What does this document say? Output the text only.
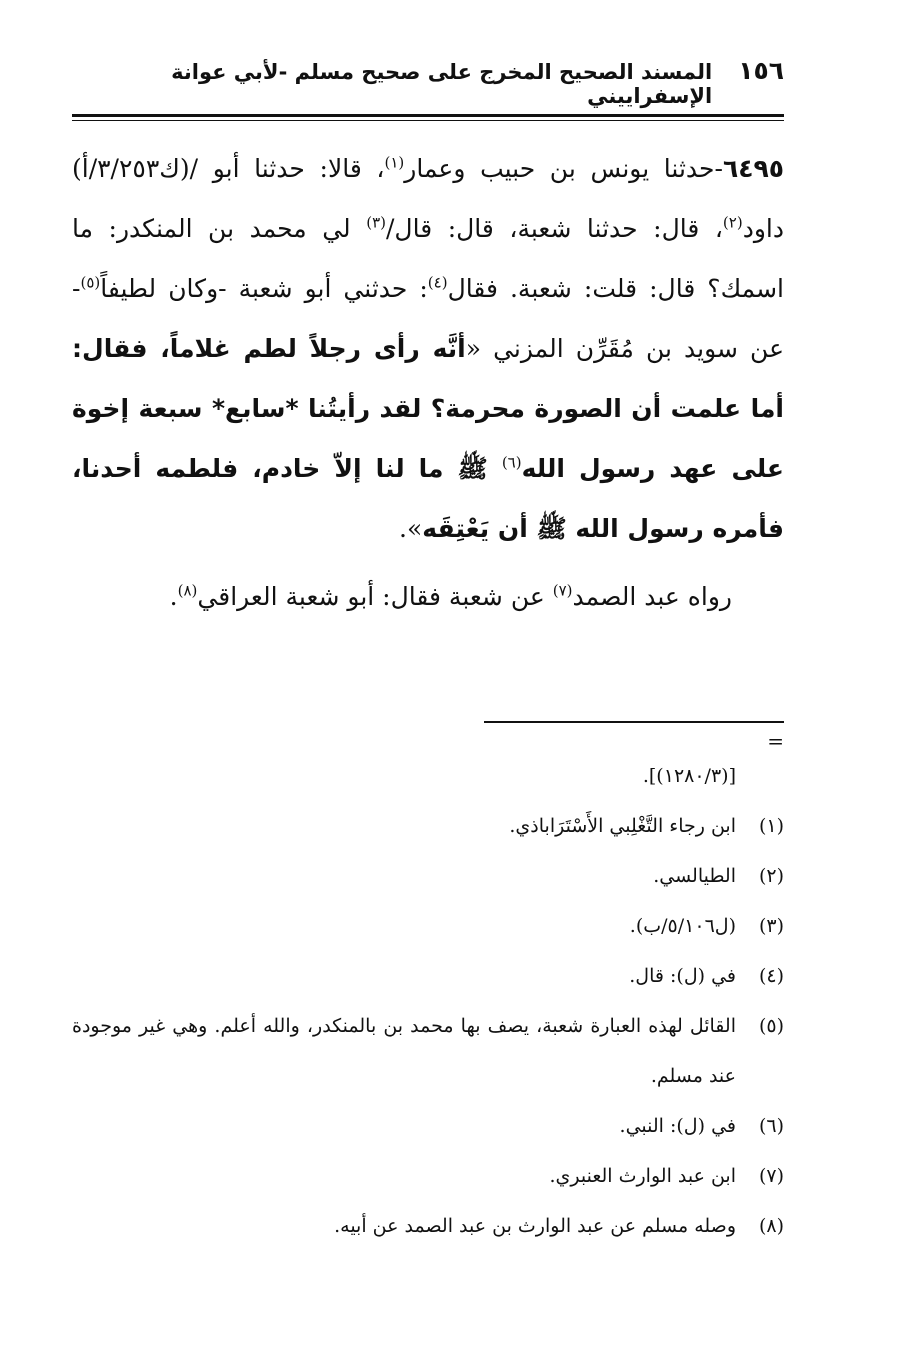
١٥٦
المسند الصحيح المخرج على صحيح مسلم -لأبي عوانة الإسفراييني
٦٤٩٥-حدثنا يونس بن حبيب وعمار$^{(١)}$، قالا: حدثنا أبو /(ك٣/٢٥٣/أ) داود$^{(٢)}$، قال: حدثنا شعبة، قال: قال/$^{(٣)}$ لي محمد بن المنكدر: ما اسمك؟ قال: قلت: شعبة. فقال$^{(٤)}$: حدثني أبو شعبة -وكان لطيفاً$^{(٥)}$- عن سويد بن مُقَرِّن المزني «أنَّه رأى رجلاً لطم غلاماً، فقال: أما علمت أن الصورة محرمة؟ لقد رأيتُنا *سابع* سبعة إخوة على عهد رسول الله$^{(٦)}$ ﷺ ما لنا إلاّ خادم، فلطمه أحدنا، فأمره رسول الله ﷺ أن يَعْتِقَه».
رواه عبد الصمد$^{(٧)}$ عن شعبة فقال: أبو شعبة العراقي$^{(٨)}$.
=
[(١٢٨٠/٣)].
(١)
ابن رجاء التَّغْلِبي الأَسْتَرَاباذي.
(٢)
الطيالسي.
(٣)
(ل٥/١٠٦/ب).
(٤)
في (ل): قال.
(٥)
القائل لهذه العبارة شعبة، يصف بها محمد بن بالمنكدر، والله أعلم. وهي غير موجودة عند مسلم.
(٦)
في (ل): النبي.
(٧)
ابن عبد الوارث العنبري.
(٨)
وصله مسلم عن عبد الوارث بن عبد الصمد عن أبيه.
